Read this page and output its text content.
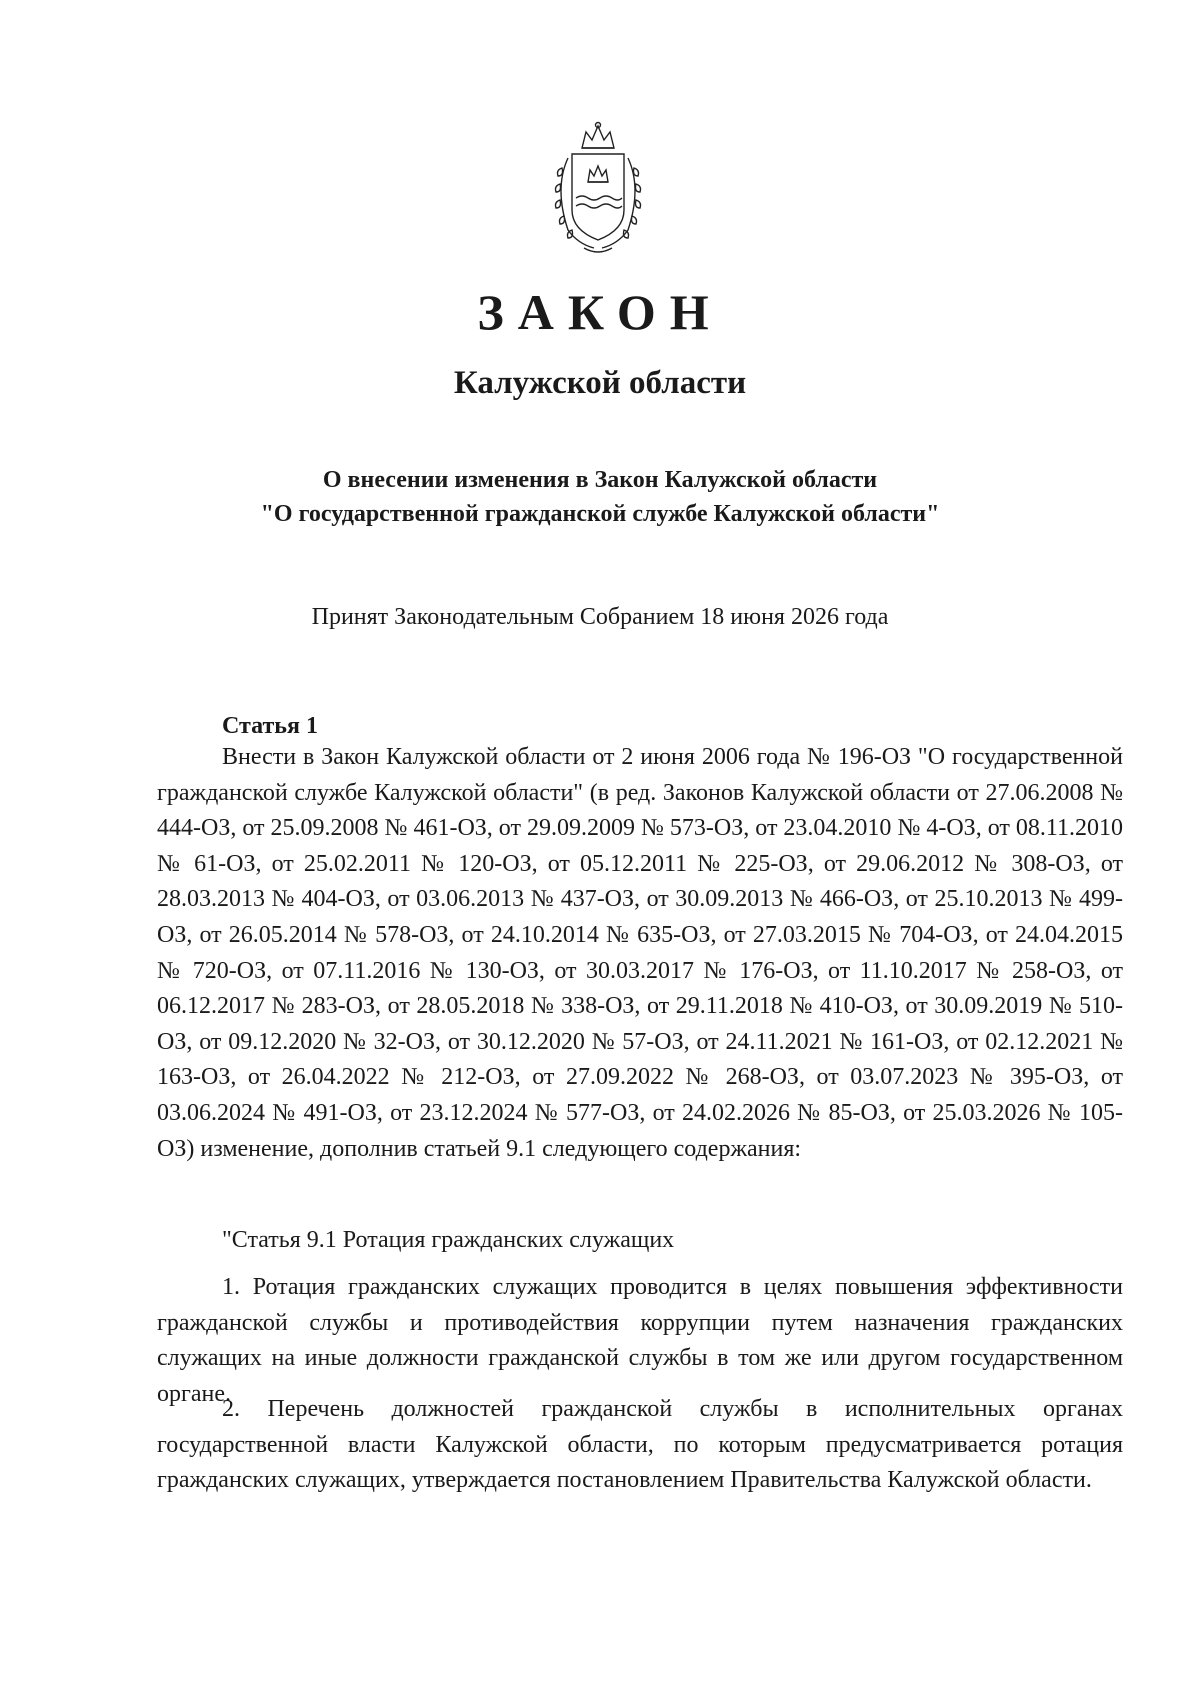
ЗАКОН
Калужской области
О внесении изменения в Закон Калужской области
"О государственной гражданской службе Калужской области"
Принят Законодательным Собранием 18 июня 2026 года
Статья 1
Внести в Закон Калужской области от 2 июня 2006 года № 196-ОЗ "О государственной гражданской службе Калужской области" (в ред. Законов Калужской области от 27.06.2008 № 444-ОЗ, от 25.09.2008 № 461-ОЗ, от 29.09.2009 № 573-ОЗ, от 23.04.2010 № 4-ОЗ, от 08.11.2010 № 61-ОЗ, от 25.02.2011 № 120-ОЗ, от 05.12.2011 № 225-ОЗ, от 29.06.2012 № 308-ОЗ, от 28.03.2013 № 404-ОЗ, от 03.06.2013 № 437-ОЗ, от 30.09.2013 № 466-ОЗ, от 25.10.2013 № 499-ОЗ, от 26.05.2014 № 578-ОЗ, от 24.10.2014 № 635-ОЗ, от 27.03.2015 № 704-ОЗ, от 24.04.2015 № 720-ОЗ, от 07.11.2016 № 130-ОЗ, от 30.03.2017 № 176-ОЗ, от 11.10.2017 № 258-ОЗ, от 06.12.2017 № 283-ОЗ, от 28.05.2018 № 338-ОЗ, от 29.11.2018 № 410-ОЗ, от 30.09.2019 № 510-ОЗ, от 09.12.2020 № 32-ОЗ, от 30.12.2020 № 57-ОЗ, от 24.11.2021 № 161-ОЗ, от 02.12.2021 № 163-ОЗ, от 26.04.2022 № 212-ОЗ, от 27.09.2022 № 268-ОЗ, от 03.07.2023 № 395-ОЗ, от 03.06.2024 № 491-ОЗ, от 23.12.2024 № 577-ОЗ, от 24.02.2026 № 85-ОЗ, от 25.03.2026 № 105-ОЗ) изменение, дополнив статьей 9.1 следующего содержания:
"Статья 9.1 Ротация гражданских служащих
1. Ротация гражданских служащих проводится в целях повышения эффективности гражданской службы и противодействия коррупции путем назначения гражданских служащих на иные должности гражданской службы в том же или другом государственном органе.
2. Перечень должностей гражданской службы в исполнительных органах государственной власти Калужской области, по которым предусматривается ротация гражданских служащих, утверждается постановлением Правительства Калужской области.
